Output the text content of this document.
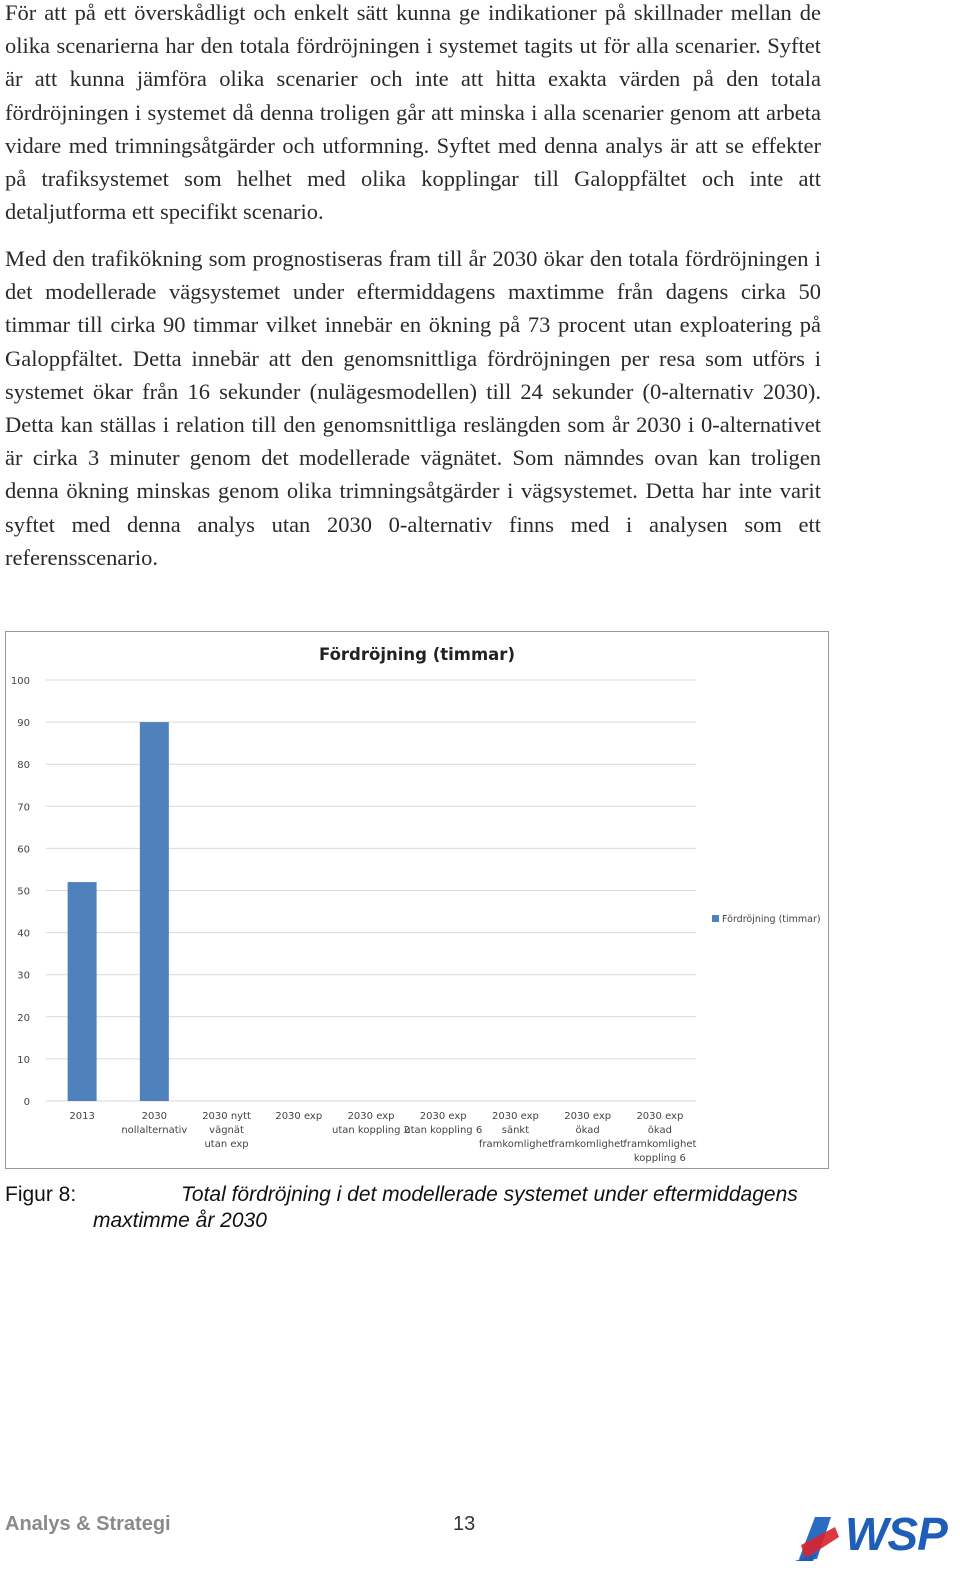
För att på ett överskådligt och enkelt sätt kunna ge indikationer på skillnader mellan de olika scenarierna har den totala fördröjningen i systemet tagits ut för alla scenarier. Syftet är att kunna jämföra olika scenarier och inte att hitta exakta värden på den totala fördröjningen i systemet då denna troligen går att minska i alla scenarier genom att arbeta vidare med trimningsåtgärder och utformning. Syftet med denna analys är att se effekter på trafiksystemet som helhet med olika kopplingar till Galoppfältet och inte att detaljutforma ett specifikt scenario.

Med den trafikökning som prognostiseras fram till år 2030 ökar den totala fördröjningen i det modellerade vägsystemet under eftermiddagens maxtimme från dagens cirka 50 timmar till cirka 90 timmar vilket innebär en ökning på 73 procent utan exploatering på Galoppfältet. Detta innebär att den genomsnittliga fördröjningen per resa som utförs i systemet ökar från 16 sekunder (nulägesmodellen) till 24 sekunder (0-alternativ 2030). Detta kan ställas i relation till den genomsnittliga reslängden som år 2030 i 0-alternativet är cirka 3 minuter genom det modellerade vägnätet. Som nämndes ovan kan troligen denna ökning minskas genom olika trimningsåtgärder i vägsystemet. Detta har inte varit syftet med denna analys utan 2030 0-alternativ finns med i analysen som ett referensscenario.

Fördröjning (timmar)
0
10
20
30
40
50
60
70
80
90
100
2013	2030 nollalternativ
2030 nytt vägnät utan exp
2030 exp	2030 exp utan koppling 2
2030 exp utan koppling 6
2030 exp sänkt framkomlighet
2030 exp ökad framkomlighet
2030 exp ökad framkomlighet koppling 6
Fördröjning (timmar)
Figur 8:	Total fördröjning i det modellerade systemet under eftermiddagens maxtimme år 2030
Analys & Strategi	13	WSP
